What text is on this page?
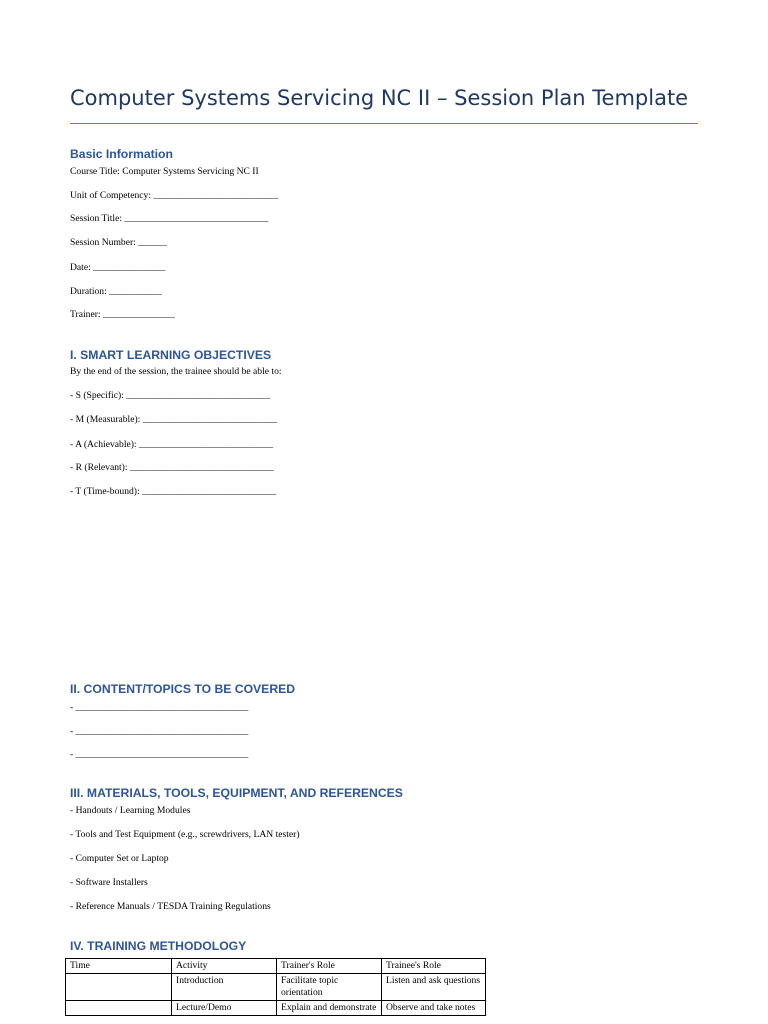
Computer Systems Servicing NC II – Session Plan Template
Basic Information
Course Title: Computer Systems Servicing NC II
Unit of Competency: __________________________
Session Title: ______________________________
Session Number: ______
Date: _______________
Duration: ___________
Trainer: _______________
I. SMART LEARNING OBJECTIVES
By the end of the session, the trainee should be able to:
- S (Specific): ______________________________
- M (Measurable): ____________________________
- A (Achievable): ____________________________
- R (Relevant): ______________________________
- T (Time-bound): ____________________________
II. CONTENT/TOPICS TO BE COVERED
- ____________________________________
- ____________________________________
- ____________________________________
III. MATERIALS, TOOLS, EQUIPMENT, AND REFERENCES
- Handouts / Learning Modules
- Tools and Test Equipment (e.g., screwdrivers, LAN tester)
- Computer Set or Laptop
- Software Installers
- Reference Manuals / TESDA Training Regulations
IV. TRAINING METHODOLOGY
Time	Activity	Trainer's Role	Trainee's Role
	Introduction	Facilitate topic orientation	Listen and ask questions
	Lecture/Demo	Explain and demonstrate	Observe and take notes
